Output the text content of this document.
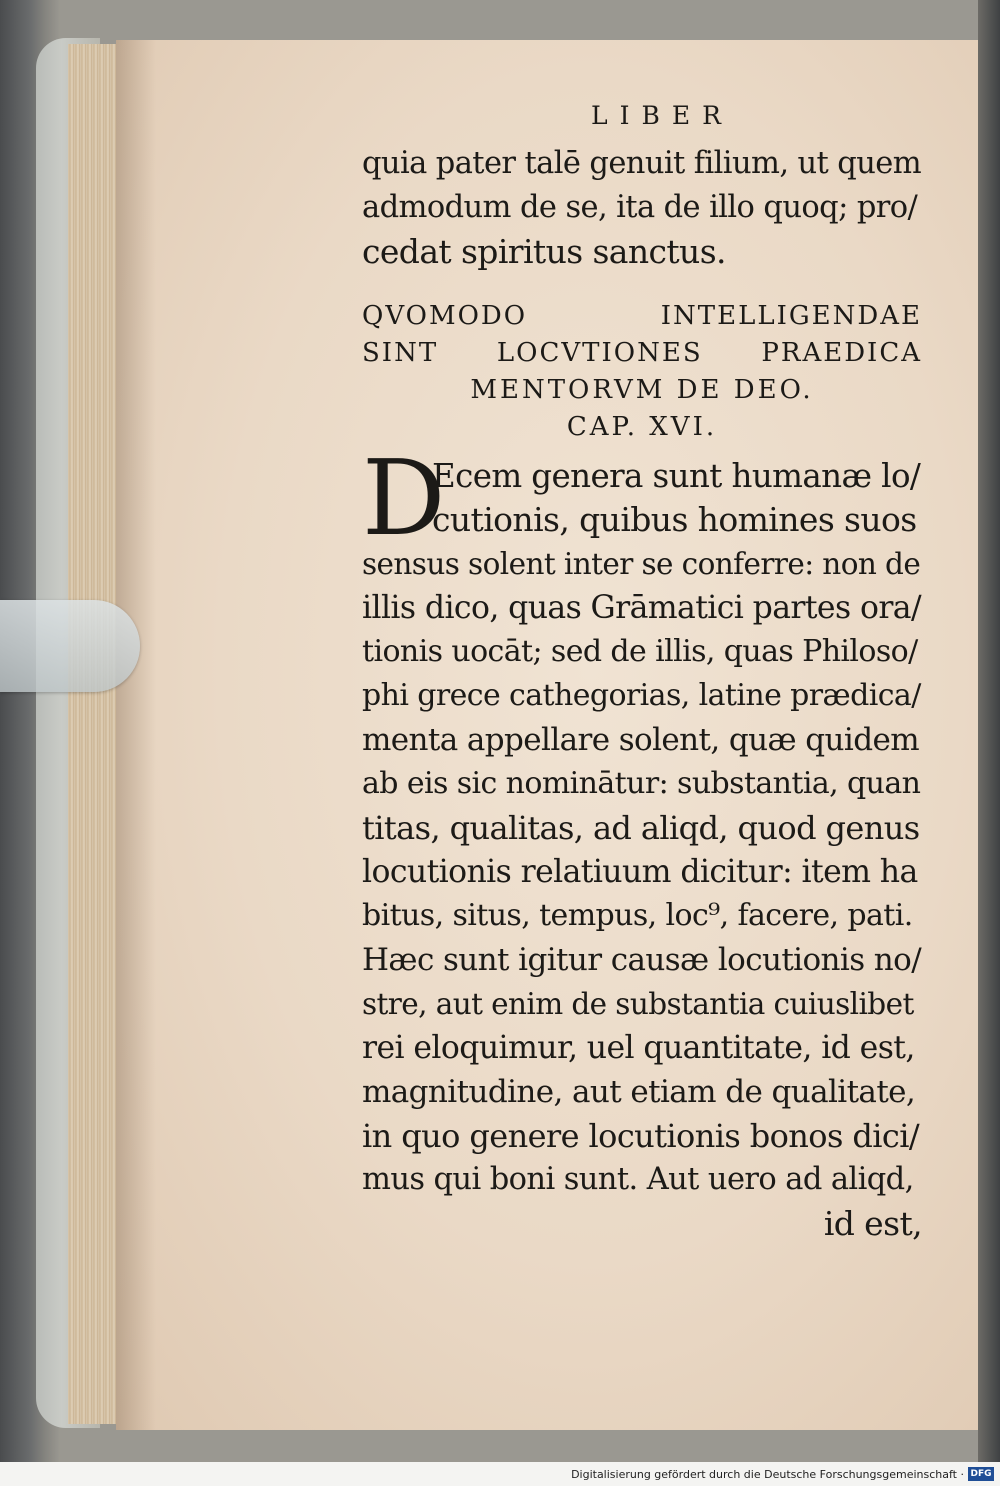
LIBER
quia pater talē genuit filium, ut quem
admodum de se, ita de illo quoq; pro/
cedat spiritus sanctus.
QVOMODO INTELLIGENDAE
SINT LOCVTIONES PRAEDICA
MENTORVM DE DEO.
CAP. XVI.
D
Ecem genera sunt humanæ lo/
cutionis, quibus homines suos
sensus solent inter se conferre: non de
illis dico, quas Grāmatici partes ora/
tionis uocāt; sed de illis, quas Philoso/
phi grece cathegorias, latine prædica/
menta appellare solent, quæ quidem
ab eis sic nominātur: substantia, quan
titas, qualitas, ad aliqd, quod genus
locutionis relatiuum dicitur: item ha
bitus, situs, tempus, loc⁹, facere, pati.
Hæc sunt igitur causæ locutionis no/
stre, aut enim de substantia cuiuslibet
rei eloquimur, uel quantitate, id est,
magnitudine, aut etiam de qualitate,
in quo genere locutionis bonos dici/
mus qui boni sunt. Aut uero ad aliqd,
id est,
Digitalisierung gefördert durch die Deutsche Forschungsgemeinschaft · DFG
